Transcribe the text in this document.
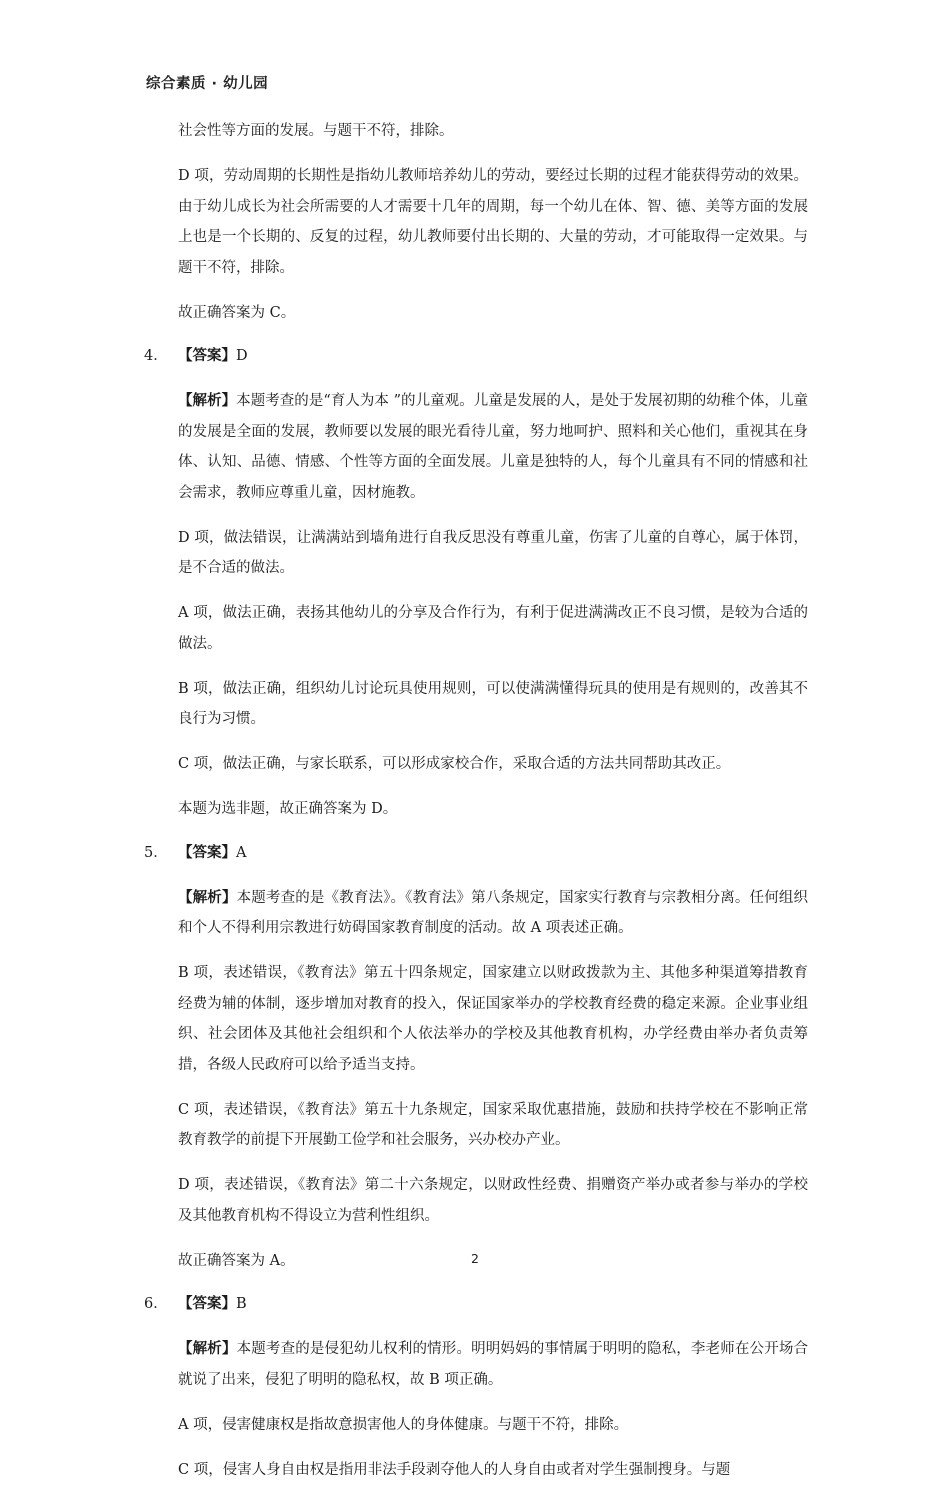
综合素质 · 幼儿园

社会性等方面的发展。与题干不符，排除。

D 项，劳动周期的长期性是指幼儿教师培养幼儿的劳动，要经过长期的过程才能获得劳动的效果。由于幼儿成长为社会所需要的人才需要十几年的周期，每一个幼儿在体、智、德、美等方面的发展上也是一个长期的、反复的过程，幼儿教师要付出长期的、大量的劳动，才可能取得一定效果。与题干不符，排除。

故正确答案为 C。

4． 【答案】D

【解析】本题考查的是“育人为本 ”的儿童观。儿童是发展的人，是处于发展初期的幼稚个体，儿童的发展是全面的发展，教师要以发展的眼光看待儿童，努力地呵护、照料和关心他们，重视其在身体、认知、品德、情感、个性等方面的全面发展。儿童是独特的人，每个儿童具有不同的情感和社会需求，教师应尊重儿童，因材施教。

D 项，做法错误，让满满站到墙角进行自我反思没有尊重儿童，伤害了儿童的自尊心，属于体罚，是不合适的做法。

A 项，做法正确，表扬其他幼儿的分享及合作行为，有利于促进满满改正不良习惯，是较为合适的做法。

B 项，做法正确，组织幼儿讨论玩具使用规则，可以使满满懂得玩具的使用是有规则的，改善其不良行为习惯。

C 项，做法正确，与家长联系，可以形成家校合作，采取合适的方法共同帮助其改正。

本题为选非题，故正确答案为 D。

5． 【答案】A

【解析】本题考查的是《教育法》。《教育法》第八条规定，国家实行教育与宗教相分离。任何组织和个人不得利用宗教进行妨碍国家教育制度的活动。故 A 项表述正确。

B 项，表述错误，《教育法》第五十四条规定，国家建立以财政拨款为主、其他多种渠道筹措教育经费为辅的体制，逐步增加对教育的投入，保证国家举办的学校教育经费的稳定来源。企业事业组织、社会团体及其他社会组织和个人依法举办的学校及其他教育机构，办学经费由举办者负责筹措，各级人民政府可以给予适当支持。

C 项，表述错误，《教育法》第五十九条规定，国家采取优惠措施，鼓励和扶持学校在不影响正常教育教学的前提下开展勤工俭学和社会服务，兴办校办产业。

D 项，表述错误，《教育法》第二十六条规定，以财政性经费、捐赠资产举办或者参与举办的学校及其他教育机构不得设立为营利性组织。

故正确答案为 A。

6． 【答案】B

【解析】本题考查的是侵犯幼儿权利的情形。明明妈妈的事情属于明明的隐私，李老师在公开场合就说了出来，侵犯了明明的隐私权，故 B 项正确。

A 项，侵害健康权是指故意损害他人的身体健康。与题干不符，排除。

C 项，侵害人身自由权是指用非法手段剥夺他人的人身自由或者对学生强制搜身。与题

2
